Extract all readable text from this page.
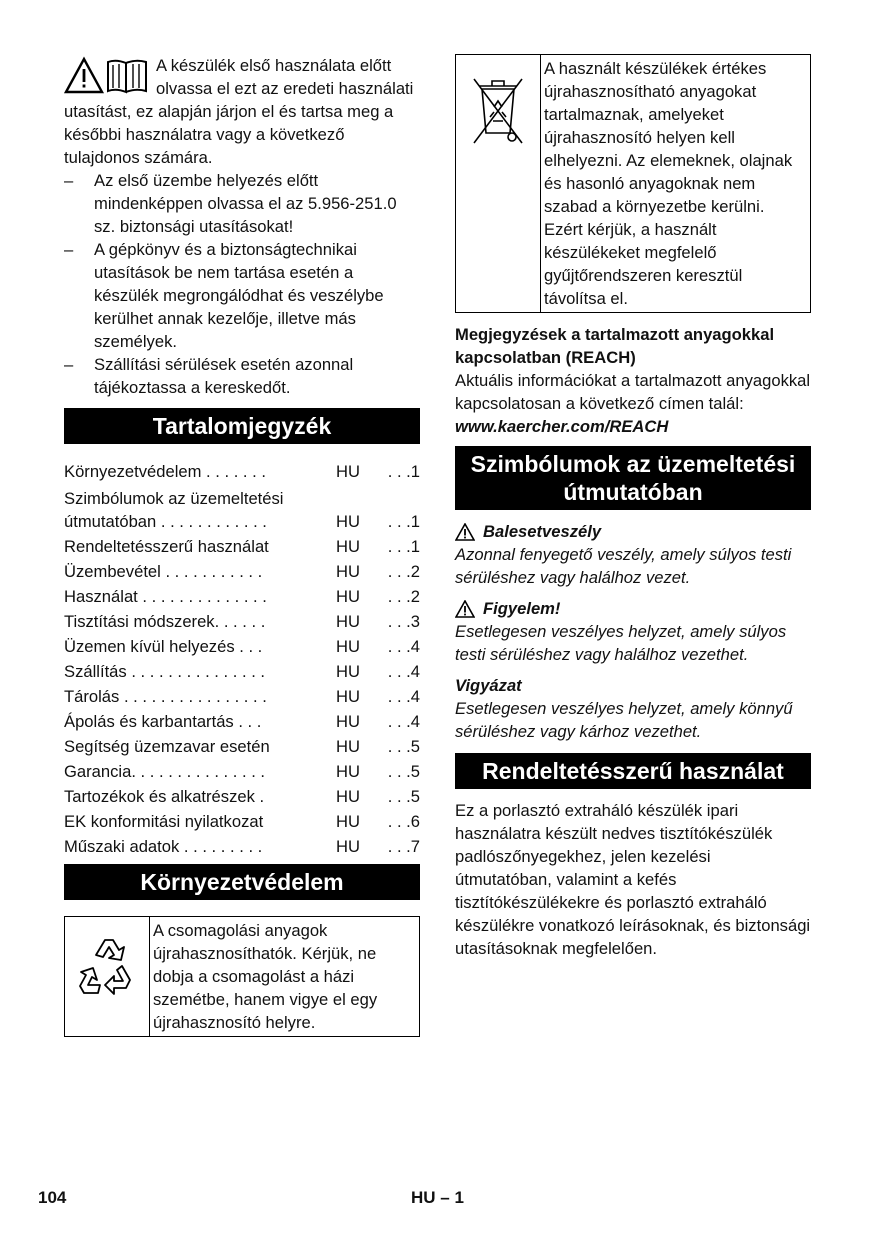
A készülék első használata előtt olvassa el ezt az eredeti használati utasítást, ez alapján járjon el és tartsa meg a későbbi használatra vagy a következő tulajdonos számára.

– Az első üzembe helyezés előtt mindenképpen olvassa el az 5.956-251.0 sz. biztonsági utasításokat!

– A gépkönyv és a biztonságtechnikai utasítások be nem tartása esetén a készülék megrongálódhat és veszélybe kerülhet annak kezelője, illetve más személyek.

– Szállítási sérülések esetén azonnal tájékoztassa a kereskedőt.

Tartalomjegyzék
Környezetvédelem . . . . . . .	HU	. . .1
Szimbólumok az üzemeltetési
útmutatóban . . . . . . . . . . . .	HU	. . .1
Rendeltetésszerű használat	HU	. . .1
Üzembevétel . . . . . . . . . . .	HU	. . .2
Használat . . . . . . . . . . . . . .	HU	. . .2
Tisztítási módszerek. . . . . .	HU	. . .3
Üzemen kívül helyezés . . .	HU	. . .4
Szállítás . . . . . . . . . . . . . . .	HU	. . .4
Tárolás . . . . . . . . . . . . . . . .	HU	. . .4
Ápolás és karbantartás . . .	HU	. . .4
Segítség üzemzavar esetén	HU	. . .5
Garancia. . . . . . . . . . . . . . .	HU	. . .5
Tartozékok és alkatrészek .	HU	. . .5
EK konformitási nyilatkozat	HU	. . .6
Műszaki adatok . . . . . . . . .	HU	. . .7
Környezetvédelem
A csomagolási anyagok újrahasznosíthatók. Kérjük, ne dobja a csomagolást a házi szemétbe, hanem vigye el egy újrahasznosító helyre.
A használt készülékek értékes újrahasznosítható anyagokat tartalmaznak, amelyeket újrahasznosító helyen kell elhelyezni. Az elemeknek, olajnak és hasonló anyagoknak nem szabad a környezetbe kerülni. Ezért kérjük, a használt készülékeket megfelelő gyűjtőrendszeren keresztül távolítsa el.

Megjegyzések a tartalmazott anyagokkal kapcsolatban (REACH)

Aktuális információkat a tartalmazott anyagokkal kapcsolatosan a következő címen talál:

www.kaercher.com/REACH

Szimbólumok az üzemeltetési útmutatóban
Balesetveszély

Azonnal fenyegető veszély, amely súlyos testi sérüléshez vagy halálhoz vezet.

Figyelem!

Esetlegesen veszélyes helyzet, amely súlyos testi sérüléshez vagy halálhoz vezethet.

Vigyázat

Esetlegesen veszélyes helyzet, amely könnyű sérüléshez vagy kárhoz vezethet.

Rendeltetésszerű használat

Ez a porlasztó extraháló készülék ipari használatra készült nedves tisztítókészülék padlószőnyegekhez, jelen kezelési útmutatóban, valamint a kefés tisztítókészülékekre és porlasztó extraháló készülékre vonatkozó leírásoknak, és biztonsági utasításoknak megfelelően.

104	HU – 1
